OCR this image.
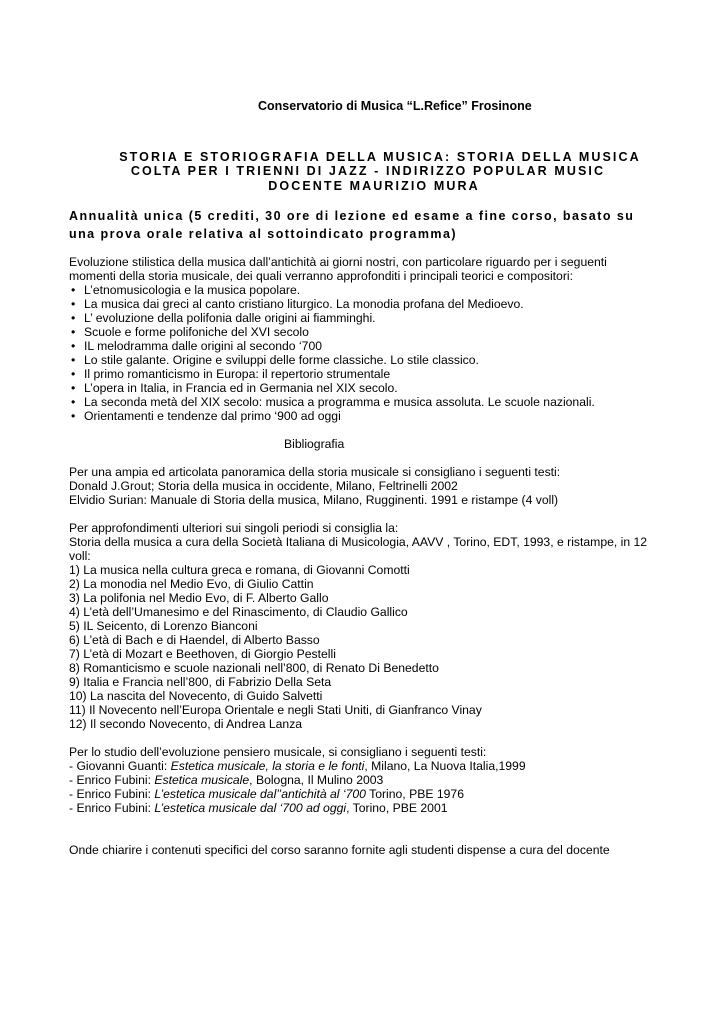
Conservatorio di Musica “L.Refice” Frosinone
STORIA E STORIOGRAFIA DELLA MUSICA: STORIA DELLA MUSICA
COLTA PER I TRIENNI DI JAZZ - INDIRIZZO POPULAR MUSIC
DOCENTE MAURIZIO MURA
Annualità unica (5 crediti, 30 ore di lezione ed esame a fine corso, basato su
una prova orale relativa al sottoindicato programma)
Evoluzione stilistica della musica dall’antichità ai giorni nostri, con particolare riguardo per i seguenti
momenti della storia musicale, dei quali verranno approfonditi i principali teorici e compositori:
• L’etnomusicologia e la musica popolare.
• La musica dai greci al canto cristiano liturgico. La monodia profana del Medioevo.
• L’ evoluzione della polifonia dalle origini ai fiamminghi.
• Scuole e forme polifoniche del XVI secolo
• IL melodramma dalle origini al secondo ‘700
• Lo stile galante. Origine e sviluppi delle forme classiche. Lo stile classico.
• Il primo romanticismo in Europa: il repertorio strumentale
• L’opera in Italia, in Francia ed in Germania nel XIX secolo.
• La seconda metà del XIX secolo: musica a programma e musica assoluta. Le scuole nazionali.
• Orientamenti e tendenze dal primo ‘900 ad oggi
Bibliografia
Per una ampia ed articolata panoramica della storia musicale si consigliano i seguenti testi:
Donald J.Grout; Storia della musica in occidente, Milano, Feltrinelli 2002
Elvidio Surian: Manuale di Storia della musica, Milano, Rugginenti. 1991 e ristampe (4 voll)
Per approfondimenti ulteriori sui singoli periodi si consiglia la:
Storia della musica a cura della Società Italiana di Musicologia, AAVV , Torino, EDT, 1993, e ristampe, in 12
voll:
1) La musica nella cultura greca e romana, di Giovanni Comotti
2) La monodia nel Medio Evo, di Giulio Cattin
3) La polifonia nel Medio Evo, di F. Alberto Gallo
4) L’età dell’Umanesimo e del Rinascimento, di Claudio Gallico
5) IL Seicento, di Lorenzo Bianconi
6) L’età di Bach e di Haendel, di Alberto Basso
7) L’età di Mozart e Beethoven, di Giorgio Pestelli
8) Romanticismo e scuole nazionali nell’800, di Renato Di Benedetto
9) Italia e Francia nell’800, di Fabrizio Della Seta
10) La nascita del Novecento, di Guido Salvetti
11) Il Novecento nell’Europa Orientale e negli Stati Uniti, di Gianfranco Vinay
12) Il secondo Novecento, di Andrea Lanza
Per lo studio dell’evoluzione pensiero musicale, si consigliano i seguenti testi:
- Giovanni Guanti: Estetica musicale, la storia e le fonti, Milano, La Nuova Italia,1999
- Enrico Fubini: Estetica musicale, Bologna, Il Mulino 2003
- Enrico Fubini: L’estetica musicale dal’’antichità al ‘700 Torino, PBE 1976
- Enrico Fubini: L’estetica musicale dal ‘700 ad oggi, Torino, PBE 2001
Onde chiarire i contenuti specifici del corso saranno fornite agli studenti dispense a cura del docente
